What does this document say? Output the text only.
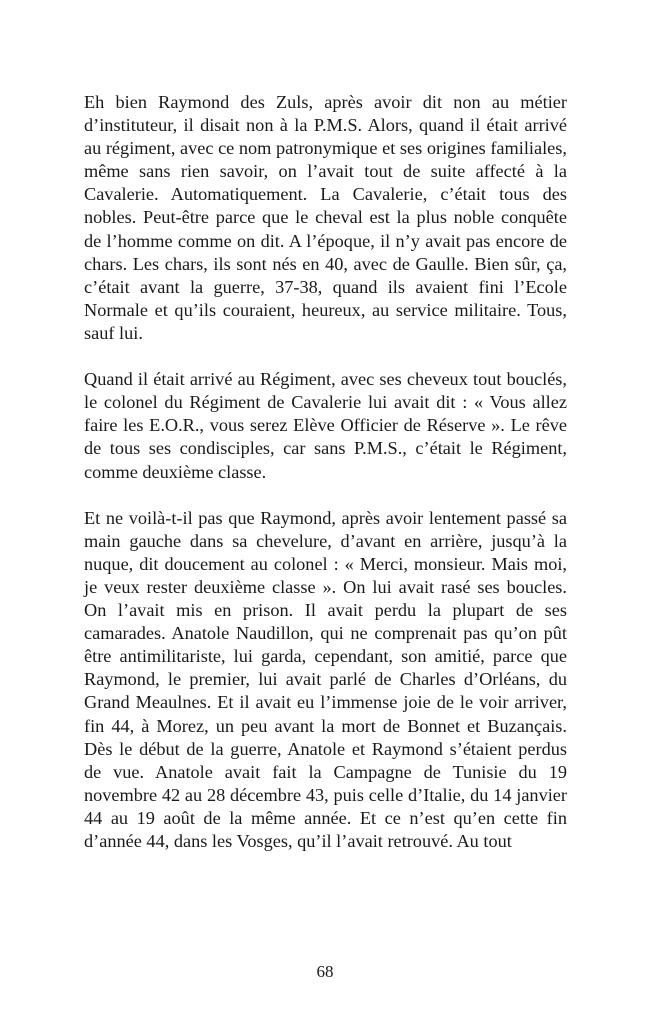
Eh bien Raymond des Zuls, après avoir dit non au métier d’instituteur, il disait non à la P.M.S. Alors, quand il était arrivé au régiment, avec ce nom patronymique et ses origines familiales, même sans rien savoir, on l’avait tout de suite affecté à la Cavalerie. Automatiquement. La Cavalerie, c’était tous des nobles. Peut-être parce que le cheval est la plus noble conquête de l’homme comme on dit. A l’époque, il n’y avait pas encore de chars. Les chars, ils sont nés en 40, avec de Gaulle. Bien sûr, ça, c’était avant la guerre, 37-38, quand ils avaient fini l’Ecole Normale et qu’ils couraient, heureux, au service militaire. Tous, sauf lui.

Quand il était arrivé au Régiment, avec ses cheveux tout bouclés, le colonel du Régiment de Cavalerie lui avait dit : « Vous allez faire les E.O.R., vous serez Elève Officier de Réserve ». Le rêve de tous ses condisciples, car sans P.M.S., c’était le Régiment, comme deuxième classe.

Et ne voilà-t-il pas que Raymond, après avoir lentement passé sa main gauche dans sa chevelure, d’avant en arrière, jusqu’à la nuque, dit doucement au colonel : « Merci, monsieur. Mais moi, je veux rester deuxième classe ». On lui avait rasé ses boucles. On l’avait mis en prison. Il avait perdu la plupart de ses camarades. Anatole Naudillon, qui ne comprenait pas qu’on pût être antimilitariste, lui garda, cependant, son amitié, parce que Raymond, le premier, lui avait parlé de Charles d’Orléans, du Grand Meaulnes. Et il avait eu l’immense joie de le voir arriver, fin 44, à Morez, un peu avant la mort de Bonnet et Buzançais. Dès le début de la guerre, Anatole et Raymond s’étaient perdus de vue. Anatole avait fait la Campagne de Tunisie du 19 novembre 42 au 28 décembre 43, puis celle d’Italie, du 14 janvier 44 au 19 août de la même année. Et ce n’est qu’en cette fin d’année 44, dans les Vosges, qu’il l’avait retrouvé. Au tout

68
